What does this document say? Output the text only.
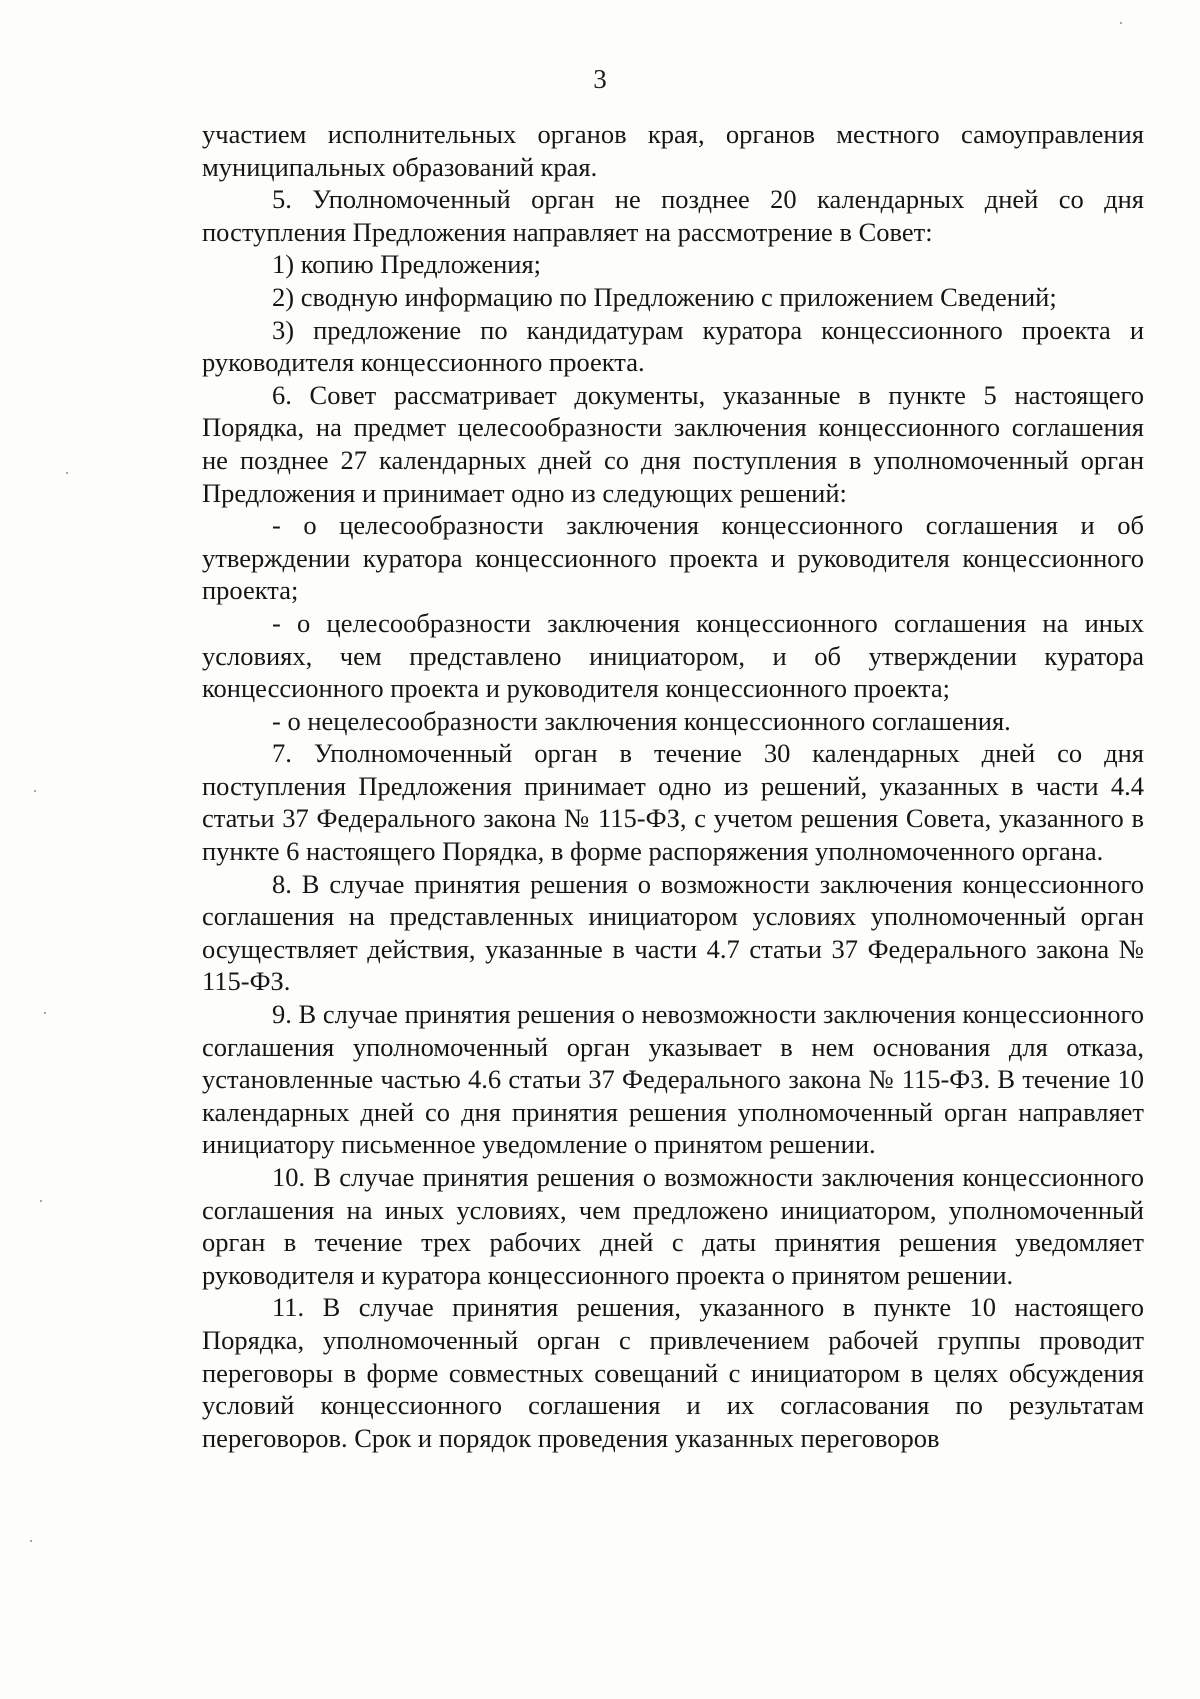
3

участием исполнительных органов края, органов местного самоуправления муниципальных образований края.

5. Уполномоченный орган не позднее 20 календарных дней со дня поступления Предложения направляет на рассмотрение в Совет:

1) копию Предложения;

2) сводную информацию по Предложению с приложением Сведений;

3) предложение по кандидатурам куратора концессионного проекта и руководителя концессионного проекта.

6. Совет рассматривает документы, указанные в пункте 5 настоящего Порядка, на предмет целесообразности заключения концессионного соглашения не позднее 27 календарных дней со дня поступления в уполномоченный орган Предложения и принимает одно из следующих решений:

- о целесообразности заключения концессионного соглашения и об утверждении куратора концессионного проекта и руководителя концессионного проекта;

- о целесообразности заключения концессионного соглашения на иных условиях, чем представлено инициатором, и об утверждении куратора концессионного проекта и руководителя концессионного проекта;

- о нецелесообразности заключения концессионного соглашения.

7. Уполномоченный орган в течение 30 календарных дней со дня поступления Предложения принимает одно из решений, указанных в части 4.4 статьи 37 Федерального закона № 115-ФЗ, с учетом решения Совета, указанного в пункте 6 настоящего Порядка, в форме распоряжения уполномоченного органа.

8. В случае принятия решения о возможности заключения концессионного соглашения на представленных инициатором условиях уполномоченный орган осуществляет действия, указанные в части 4.7 статьи 37 Федерального закона № 115-ФЗ.

9. В случае принятия решения о невозможности заключения концессионного соглашения уполномоченный орган указывает в нем основания для отказа, установленные частью 4.6 статьи 37 Федерального закона № 115-ФЗ. В течение 10 календарных дней со дня принятия решения уполномоченный орган направляет инициатору письменное уведомление о принятом решении.

10. В случае принятия решения о возможности заключения концессионного соглашения на иных условиях, чем предложено инициатором, уполномоченный орган в течение трех рабочих дней с даты принятия решения уведомляет руководителя и куратора концессионного проекта о принятом решении.

11. В случае принятия решения, указанного в пункте 10 настоящего Порядка, уполномоченный орган с привлечением рабочей группы проводит переговоры в форме совместных совещаний с инициатором в целях обсуждения условий концессионного соглашения и их согласования по результатам переговоров. Срок и порядок проведения указанных переговоров
